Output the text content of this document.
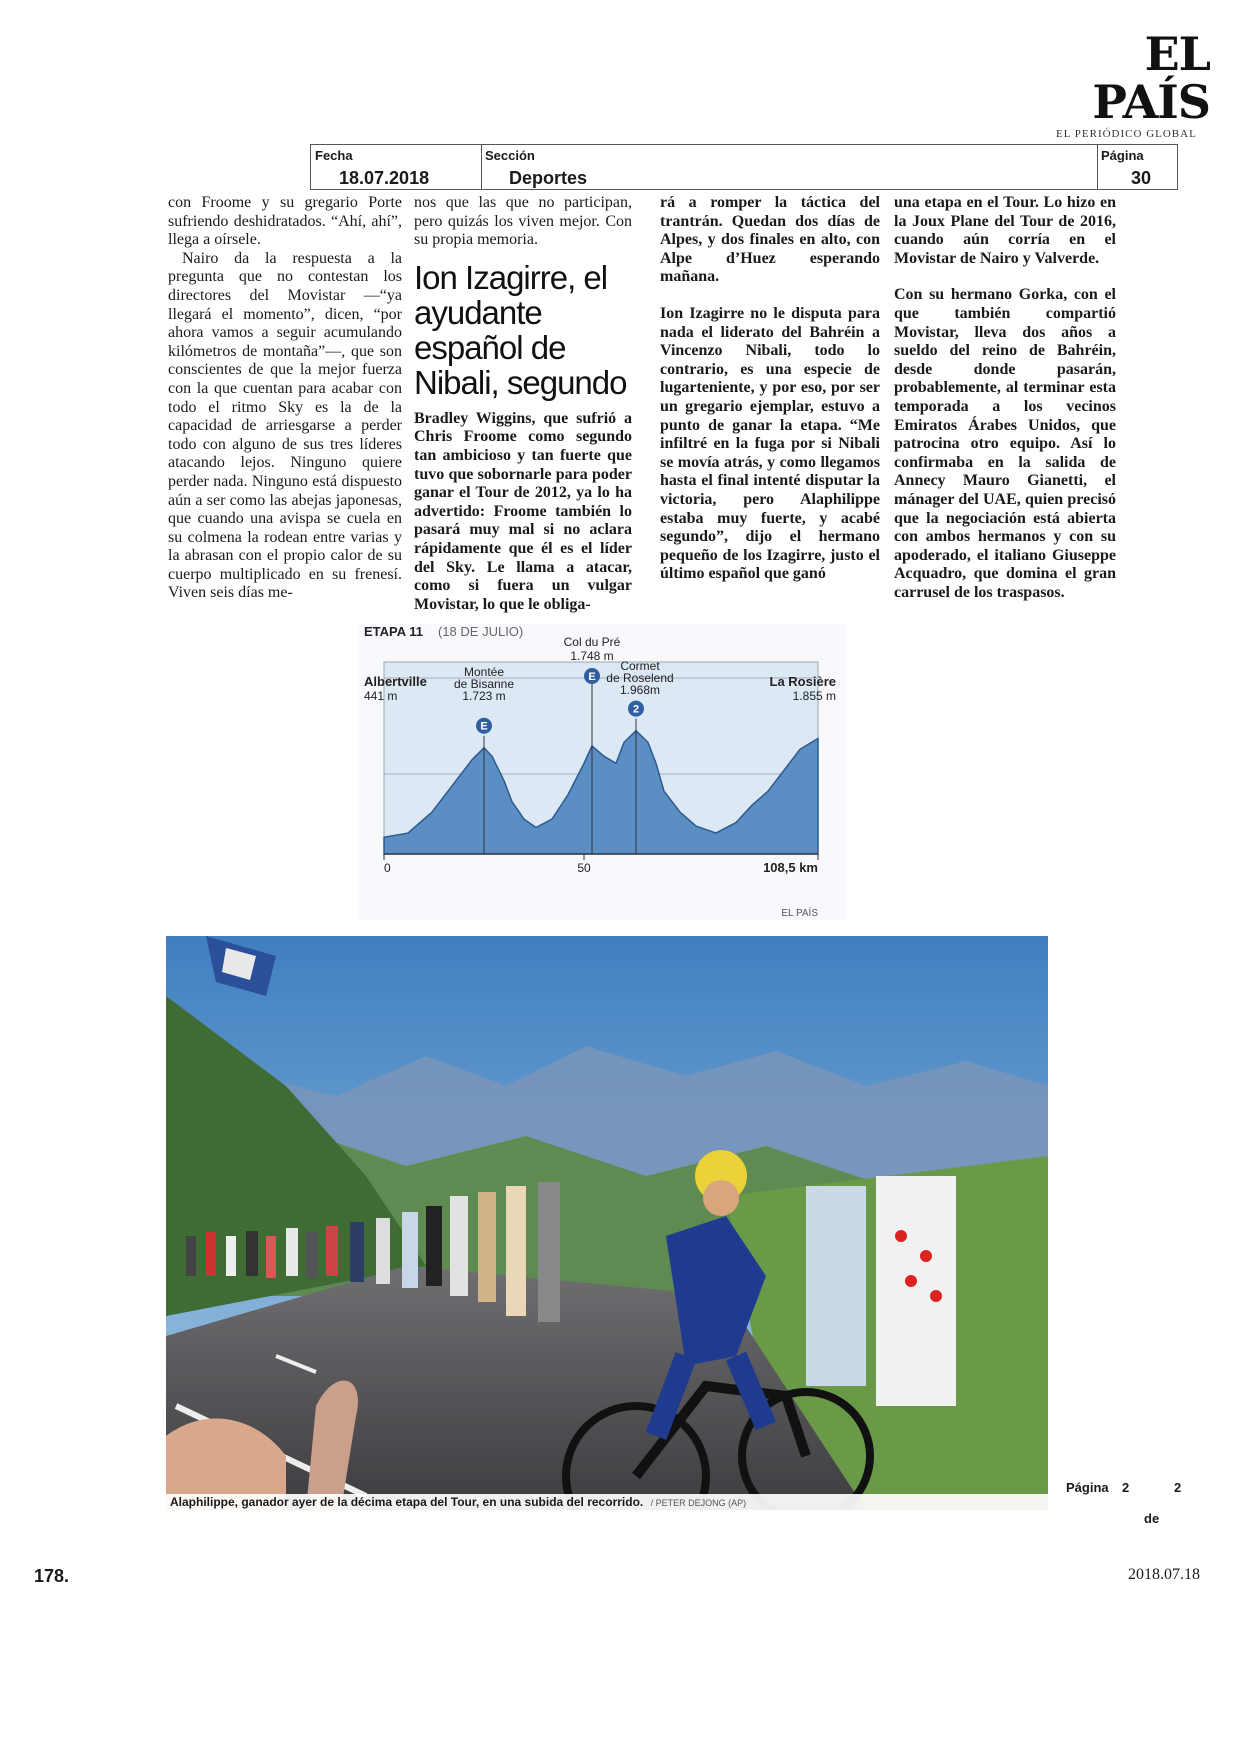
EL PAÍS
EL PERIÓDICO GLOBAL
Fecha
18.07.2018
Sección
Deportes
Página
30

con Froome y su gregario Porte sufriendo deshidratados. “Ahí, ahí”, llega a oírsele.

Nairo da la respuesta a la pregunta que no contestan los directores del Movistar —“ya llegará el momento”, dicen, “por ahora vamos a seguir acumulando kilómetros de montaña”—, que son conscientes de que la mejor fuerza con la que cuentan para acabar con todo el ritmo Sky es la de la capacidad de arriesgarse a perder todo con alguno de sus tres líderes atacando lejos. Ninguno quiere perder nada. Ninguno está dispuesto aún a ser como las abejas japonesas, que cuando una avispa se cuela en su colmena la rodean entre varias y la abrasan con el propio calor de su cuerpo multiplicado en su frenesí. Viven seis días me-

nos que las que no participan, pero quizás los viven mejor. Con su propia memoria.

Ion Izagirre, el ayudante español de Nibali, segundo

Bradley Wiggins, que sufrió a Chris Froome como segundo tan ambicioso y tan fuerte que tuvo que sobornarle para poder ganar el Tour de 2012, ya lo ha advertido: Froome también lo pasará muy mal si no aclara rápidamente que él es el líder del Sky. Le llama a atacar, como si fuera un vulgar Movistar, lo que le obliga-

rá a romper la táctica del trantrán. Quedan dos días de Alpes, y dos finales en alto, con Alpe d’Huez esperando mañana.

Ion Izagirre no le disputa para nada el liderato del Bahréin a Vincenzo Nibali, todo lo contrario, es una especie de lugarteniente, y por eso, por ser un gregario ejemplar, estuvo a punto de ganar la etapa. “Me infiltré en la fuga por si Nibali se movía atrás, y como llegamos hasta el final intenté disputar la victoria, pero Alaphilippe estaba muy fuerte, y acabé segundo”, dijo el hermano pequeño de los Izagirre, justo el último español que ganó

una etapa en el Tour. Lo hizo en la Joux Plane del Tour de 2016, cuando aún corría en el Movistar de Nairo y Valverde.

Con su hermano Gorka, con el que también compartió Movistar, lleva dos años a sueldo del reino de Bahréin, desde donde pasarán, probablemente, al terminar esta temporada a los vecinos Emiratos Árabes Unidos, que patrocina otro equipo. Así lo confirmaba en la salida de Annecy Mauro Gianetti, el mánager del UAE, quien precisó que la negociación está abierta con ambos hermanos y con su apoderado, el italiano Giuseppe Acquadro, que domina el gran carrusel de los traspasos.

ETAPA 11 (18 DE JULIO)
E
E
2
Albertville
441 m
Montée
de Bisanne
1.723 m
Col du Pré
1.748 m
Cormet
de Roselend
1.968m
La Rosière
1.855 m
0	50	108,5 km
EL PAÍS
Alaphilippe, ganador ayer de la décima etapa del Tour, en una subida del recorrido. / PETER DEJONG (AP)
Página 2	2
de
178.	2018.07.18
